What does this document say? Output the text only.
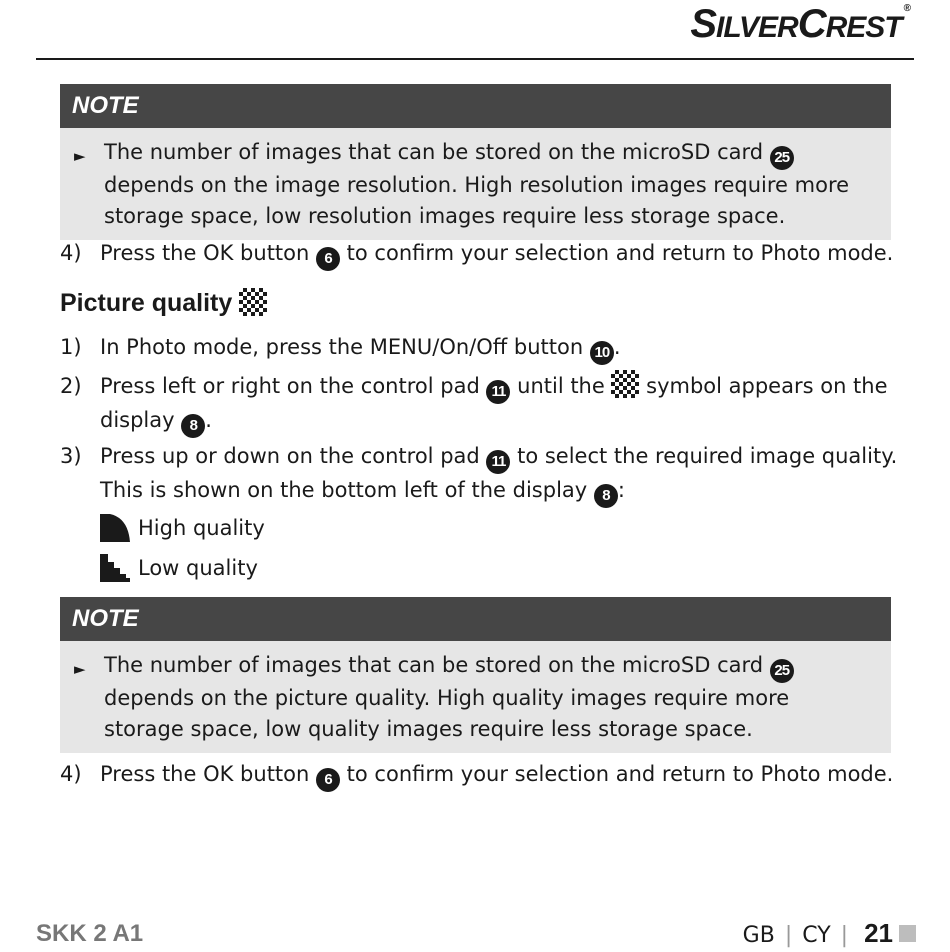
SILVERCREST®
NOTE
► The number of images that can be stored on the microSD card 25 depends on the image resolution. High resolution images require more storage space, low resolution images require less storage space.
4) Press the OK button 6 to confirm your selection and return to Photo mode.
Picture quality
1) In Photo mode, press the MENU/On/Off button 10 .
2) Press left or right on the control pad 11 until the  symbol appears on the display 8 .
3) Press up or down on the control pad 11 to select the required image quality. This is shown on the bottom left of the display 8 :
High quality
Low quality
NOTE
► The number of images that can be stored on the microSD card 25 depends on the picture quality. High quality images require more storage space, low quality images require less storage space.
4) Press the OK button 6 to confirm your selection and return to Photo mode.
SKK 2 A1	GB | CY | 21
